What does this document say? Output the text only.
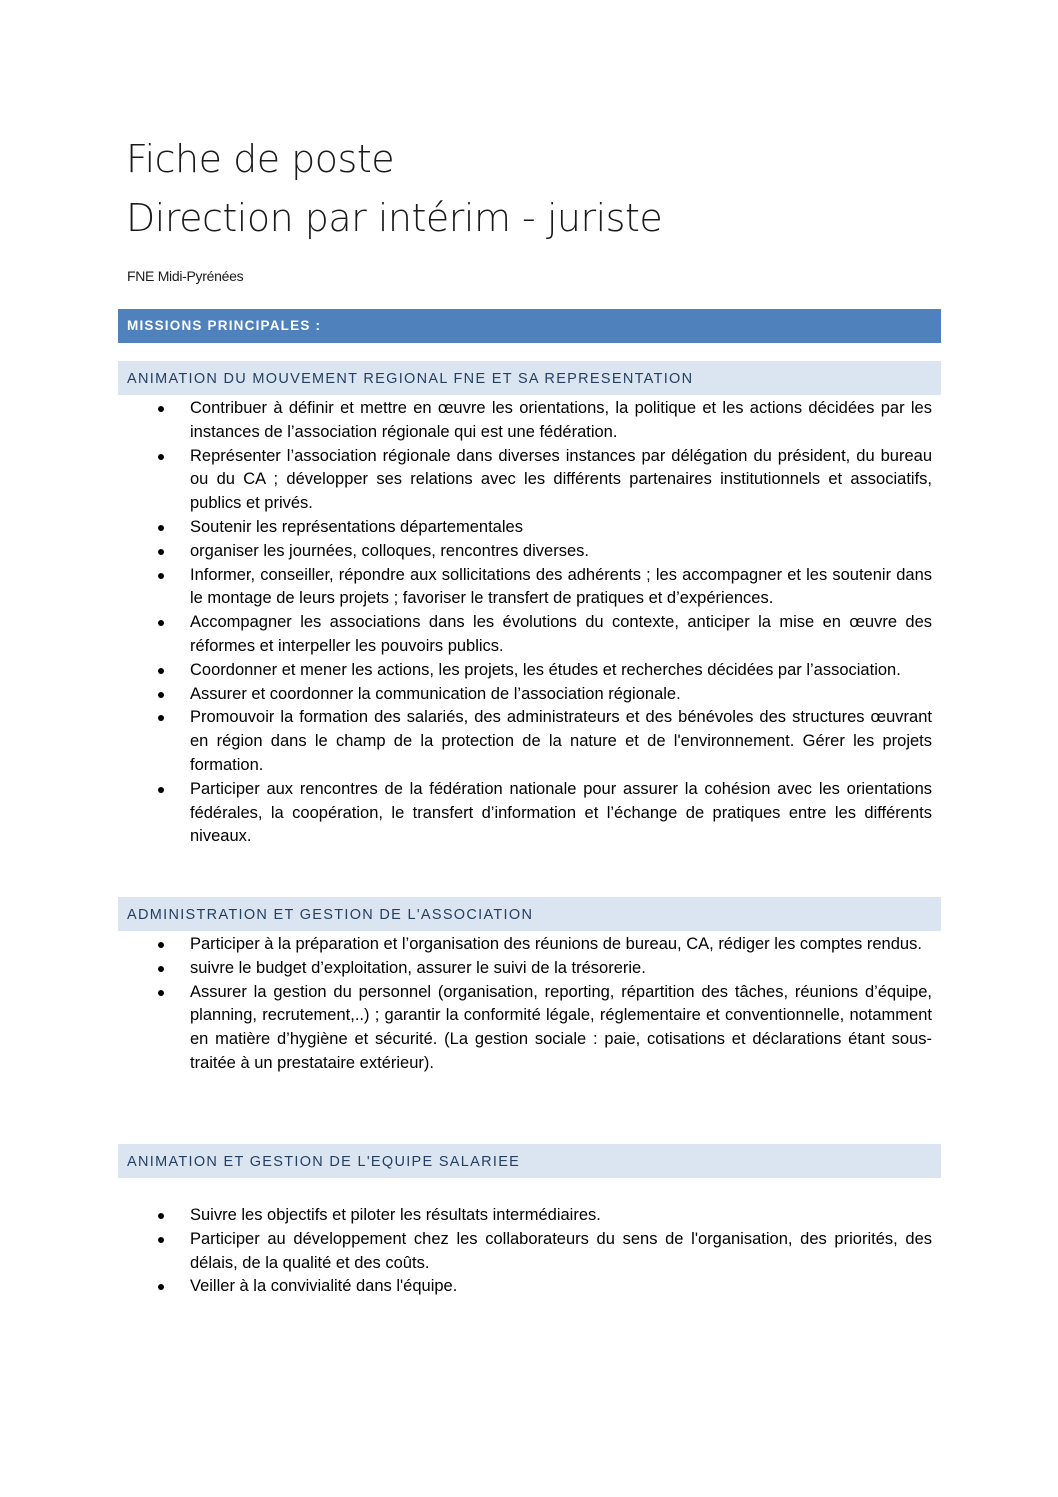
Fiche de poste
Direction par intérim - juriste
FNE Midi-Pyrénées
MISSIONS PRINCIPALES :
ANIMATION DU MOUVEMENT REGIONAL FNE ET SA REPRESENTATION
Contribuer à définir et mettre en œuvre les orientations, la politique et les actions décidées par les instances de l’association régionale qui est une fédération.
Représenter l’association régionale dans diverses instances par délégation du président, du bureau ou du CA ; développer ses relations avec les différents partenaires institutionnels et associatifs, publics et privés.
Soutenir les représentations départementales
organiser les journées, colloques, rencontres diverses.
Informer, conseiller, répondre aux sollicitations des adhérents ; les accompagner et les soutenir dans le montage de leurs projets ; favoriser le transfert de pratiques et d’expériences.
Accompagner les associations dans les évolutions du contexte, anticiper la mise en œuvre des réformes et interpeller les pouvoirs publics.
Coordonner et mener les actions, les projets, les études et recherches décidées par l’association.
Assurer et coordonner la communication de l’association régionale.
Promouvoir la formation des salariés, des administrateurs et des bénévoles des structures œuvrant en région dans le champ de la protection de la nature et de l'environnement. Gérer les projets formation.
Participer aux rencontres de la fédération nationale pour assurer la cohésion avec les orientations fédérales, la coopération, le transfert d’information et l’échange de pratiques entre les différents niveaux.
ADMINISTRATION ET GESTION DE L'ASSOCIATION
Participer à la préparation et l’organisation des réunions de bureau, CA, rédiger les comptes rendus.
suivre le budget d’exploitation, assurer le suivi de la trésorerie.
Assurer la gestion du personnel (organisation, reporting, répartition des tâches, réunions d’équipe, planning, recrutement,..) ; garantir la conformité légale, réglementaire et conventionnelle, notamment en matière d’hygiène et sécurité. (La gestion sociale : paie, cotisations et déclarations étant sous-traitée à un prestataire extérieur).
ANIMATION ET GESTION DE L'EQUIPE SALARIEE
Suivre les objectifs et piloter les résultats intermédiaires.
Participer au développement chez les collaborateurs du sens de l'organisation, des priorités, des délais, de la qualité et des coûts.
Veiller à la convivialité dans l'équipe.
